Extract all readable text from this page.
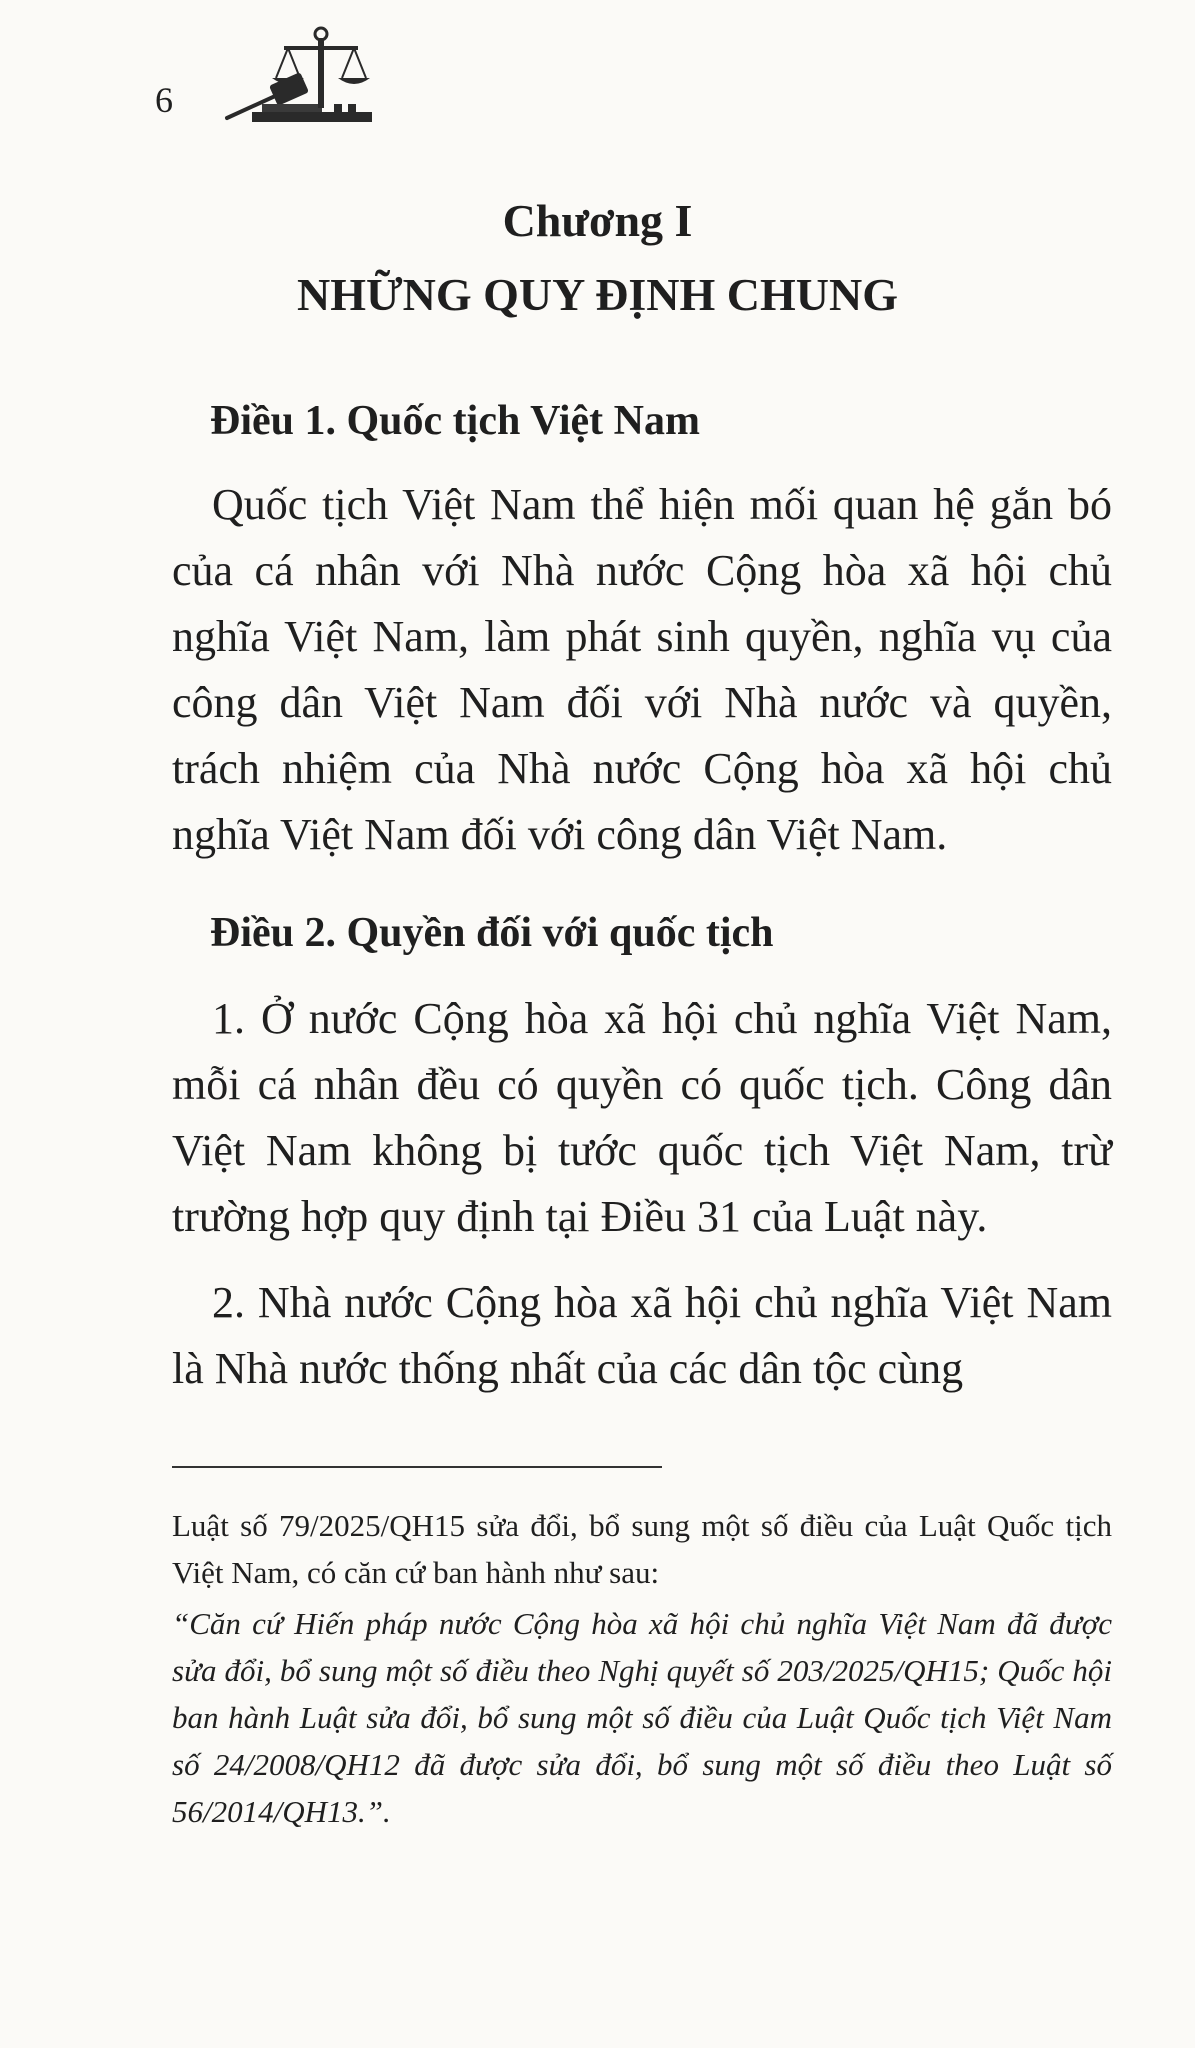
6
Chương I
NHỮNG QUY ĐỊNH CHUNG
Điều 1. Quốc tịch Việt Nam

Quốc tịch Việt Nam thể hiện mối quan hệ gắn bó của cá nhân với Nhà nước Cộng hòa xã hội chủ nghĩa Việt Nam, làm phát sinh quyền, nghĩa vụ của công dân Việt Nam đối với Nhà nước và quyền, trách nhiệm của Nhà nước Cộng hòa xã hội chủ nghĩa Việt Nam đối với công dân Việt Nam.

Điều 2. Quyền đối với quốc tịch

1. Ở nước Cộng hòa xã hội chủ nghĩa Việt Nam, mỗi cá nhân đều có quyền có quốc tịch. Công dân Việt Nam không bị tước quốc tịch Việt Nam, trừ trường hợp quy định tại Điều 31 của Luật này.

2. Nhà nước Cộng hòa xã hội chủ nghĩa Việt Nam là Nhà nước thống nhất của các dân tộc cùng

Luật số 79/2025/QH15 sửa đổi, bổ sung một số điều của Luật Quốc tịch Việt Nam, có căn cứ ban hành như sau:

“Căn cứ Hiến pháp nước Cộng hòa xã hội chủ nghĩa Việt Nam đã được sửa đổi, bổ sung một số điều theo Nghị quyết số 203/2025/QH15; Quốc hội ban hành Luật sửa đổi, bổ sung một số điều của Luật Quốc tịch Việt Nam số 24/2008/QH12 đã được sửa đổi, bổ sung một số điều theo Luật số 56/2014/QH13.”.
